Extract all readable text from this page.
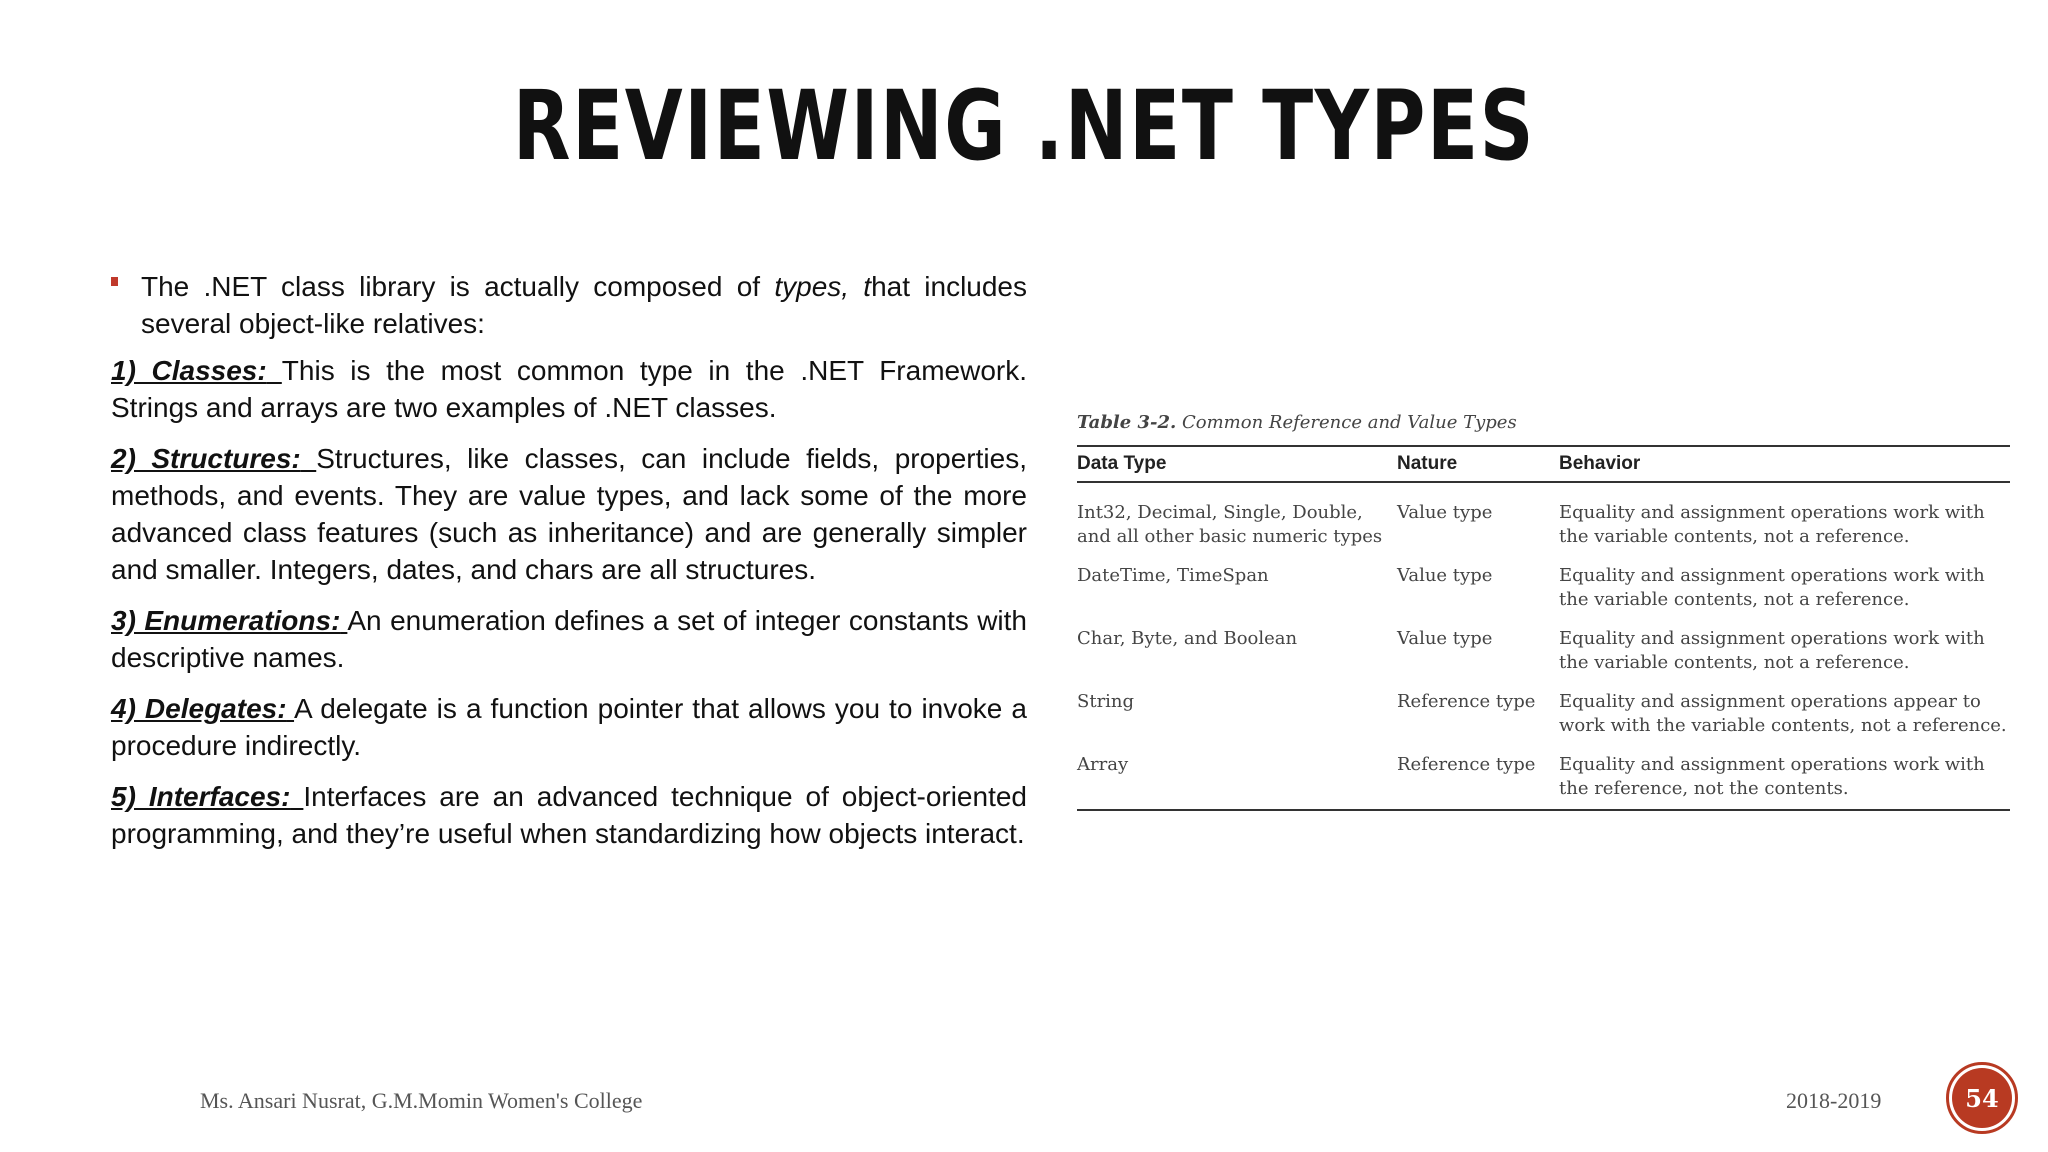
REVIEWING .NET TYPES
The .NET class library is actually composed of types, that includes several object-like relatives:
1) Classes: This is the most common type in the .NET Framework. Strings and arrays are two examples of .NET classes.
2) Structures: Structures, like classes, can include fields, properties, methods, and events. They are value types, and lack some of the more advanced class features (such as inheritance) and are generally simpler and smaller. Integers, dates, and chars are all structures.
3) Enumerations: An enumeration defines a set of integer constants with descriptive names.
4) Delegates: A delegate is a function pointer that allows you to invoke a procedure indirectly.
5) Interfaces: Interfaces are an advanced technique of object-oriented programming, and they’re useful when standardizing how objects interact.
Table 3-2. Common Reference and Value Types
Data Type	Nature	Behavior
Int32, Decimal, Single, Double, and all other basic numeric types	Value type	Equality and assignment operations work with the variable contents, not a reference.
DateTime, TimeSpan	Value type	Equality and assignment operations work with the variable contents, not a reference.
Char, Byte, and Boolean	Value type	Equality and assignment operations work with the variable contents, not a reference.
String	Reference type	Equality and assignment operations appear to work with the variable contents, not a reference.
Array	Reference type	Equality and assignment operations work with the reference, not the contents.
Ms. Ansari Nusrat, G.M.Momin Women's College	2018-2019	54
